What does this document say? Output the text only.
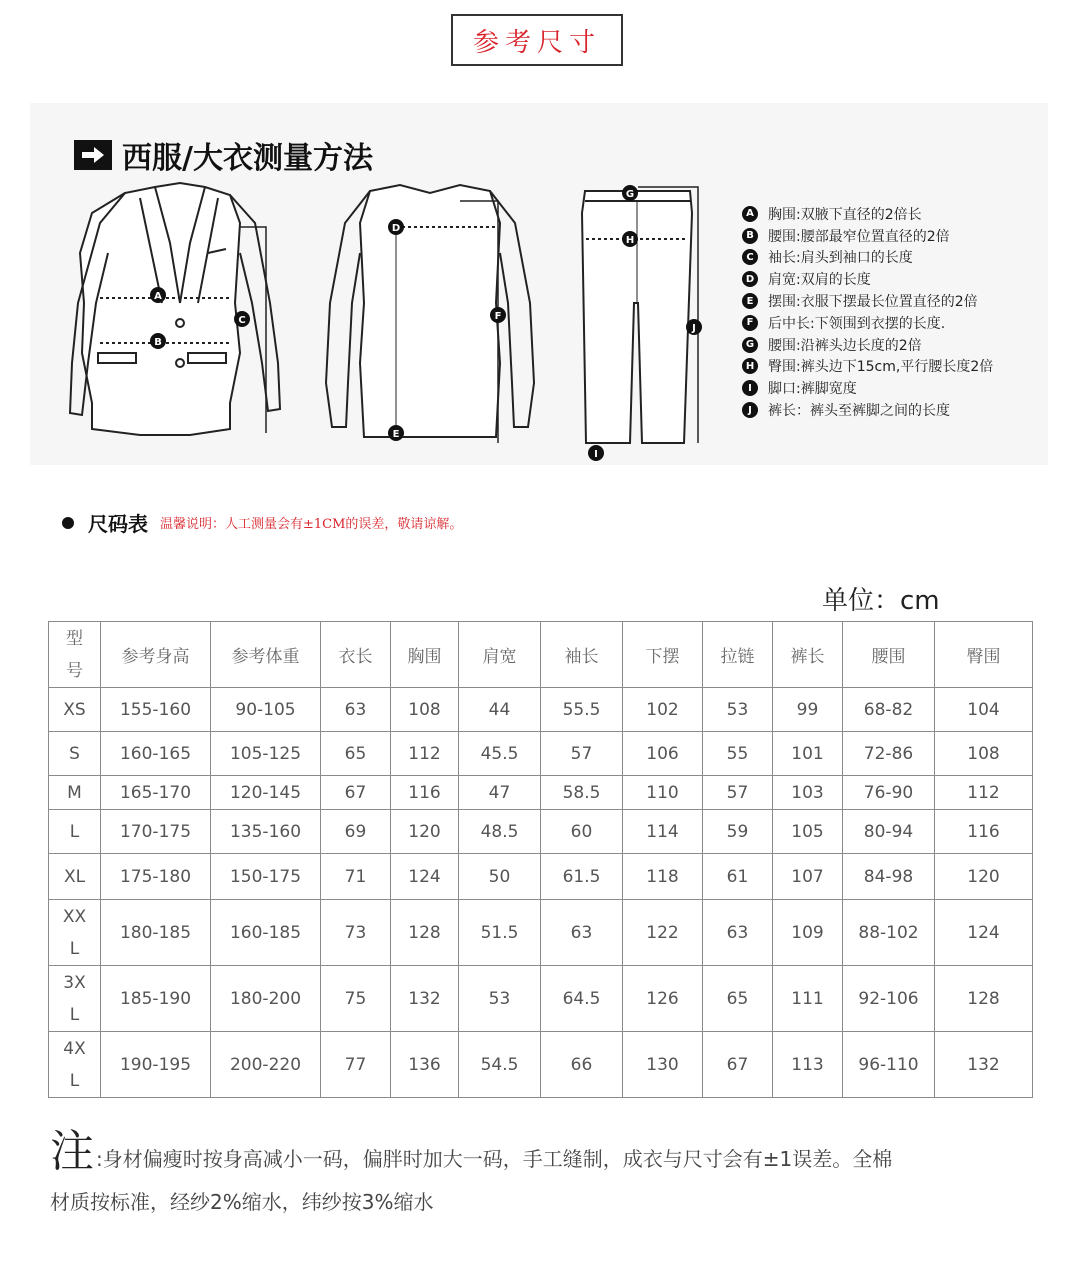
参考尺寸
西服/大衣测量方法
A
B
C
D
E
F
G
H
I
J
A 胸围:双腋下直径的2倍长
B 腰围:腰部最窄位置直径的2倍
C	袖长:肩头到袖口的长度
D 肩宽:双肩的长度
E	摆围:衣服下摆最长位置直径的2倍
F	后中长:下领围到衣摆的长度.
G 腰围:沿裤头边长度的2倍
H 臀围:裤头边下15cm,平行腰长度2倍
I	脚口:裤脚宽度
J	裤长：裤头至裤脚之间的长度
尺码表 温馨说明：人工测量会有±1CM的误差，敬请谅解。
单位：cm
型
号	参考身高	参考体重	衣长	胸围	肩宽	袖长	下摆	拉链	裤长	腰围	臀围
XS	155-160	90-105	63	108	44	55.5	102	53	99	68-82	104
S	160-165	105-125	65	112	45.5	57	106	55	101	72-86	108
M	165-170	120-145	67	116	47	58.5	110	57	103	76-90	112
L	170-175	135-160	69	120	48.5	60	114	59	105	80-94	116
XL	175-180	150-175	71	124	50	61.5	118	61	107	84-98	120

XX
L	180-185	160-185	73	128	51.5	63	122	63	109	88-102	124

3X
L	185-190	180-200	75	132	53	64.5	126	65	111	92-106	128

4X
L	190-195	200-220	77	136	54.5	66	130	67	113	96-110	132
注 :身材偏瘦时按身高减小一码，偏胖时加大一码，手工缝制，成衣与尺寸会有±1误差。全棉
材质按标准，经纱2%缩水，纬纱按3%缩水
